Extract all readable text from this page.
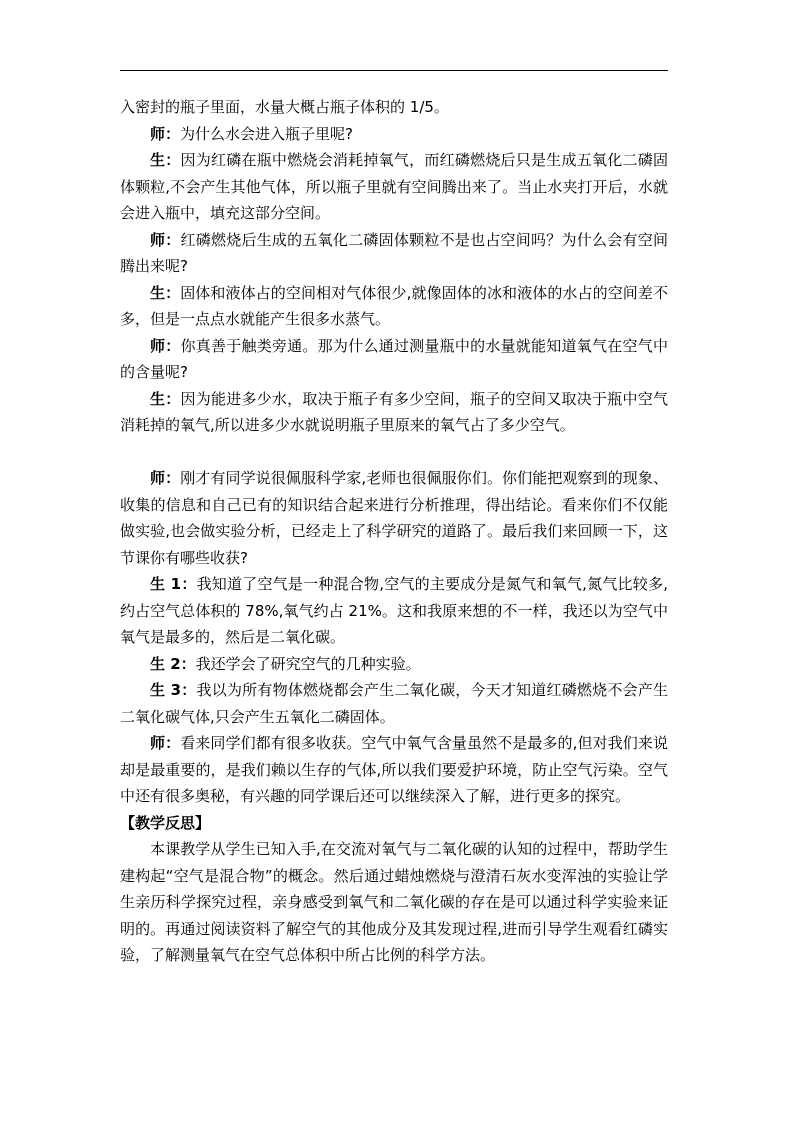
入密封的瓶子里面，水量大概占瓶子体积的 1/5。

师：为什么水会进入瓶子里呢?

生：因为红磷在瓶中燃烧会消耗掉氧气，而红磷燃烧后只是生成五氧化二磷固体颗粒,不会产生其他气体，所以瓶子里就有空间腾出来了。当止水夹打开后，水就会进入瓶中，填充这部分空间。

师：红磷燃烧后生成的五氧化二磷固体颗粒不是也占空间吗？为什么会有空间腾出来呢?

生：固体和液体占的空间相对气体很少,就像固体的冰和液体的水占的空间差不多，但是一点点水就能产生很多水蒸气。

师：你真善于触类旁通。那为什么通过测量瓶中的水量就能知道氧气在空气中的含量呢?

生：因为能进多少水，取决于瓶子有多少空间，瓶子的空间又取决于瓶中空气消耗掉的氧气,所以进多少水就说明瓶子里原来的氧气占了多少空气。

师：刚才有同学说很佩服科学家,老师也很佩服你们。你们能把观察到的现象、收集的信息和自己已有的知识结合起来进行分析推理，得出结论。看来你们不仅能做实验,也会做实验分析，已经走上了科学研究的道路了。最后我们来回顾一下，这节课你有哪些收获?

生 1：我知道了空气是一种混合物,空气的主要成分是氮气和氧气,氮气比较多,约占空气总体积的 78%,氧气约占 21%。这和我原来想的不一样，我还以为空气中氧气是最多的，然后是二氧化碳。

生 2：我还学会了研究空气的几种实验。

生 3：我以为所有物体燃烧都会产生二氧化碳，今天才知道红磷燃烧不会产生二氧化碳气体,只会产生五氧化二磷固体。

师：看来同学们都有很多收获。空气中氧气含量虽然不是最多的,但对我们来说却是最重要的，是我们赖以生存的气体,所以我们要爱护环境，防止空气污染。空气中还有很多奥秘，有兴趣的同学课后还可以继续深入了解，进行更多的探究。

【教学反思】

本课教学从学生已知入手,在交流对氧气与二氧化碳的认知的过程中，帮助学生建构起“空气是混合物”的概念。然后通过蜡烛燃烧与澄清石灰水变浑浊的实验让学生亲历科学探究过程，亲身感受到氧气和二氧化碳的存在是可以通过科学实验来证明的。再通过阅读资料了解空气的其他成分及其发现过程,进而引导学生观看红磷实验，了解测量氧气在空气总体积中所占比例的科学方法。
